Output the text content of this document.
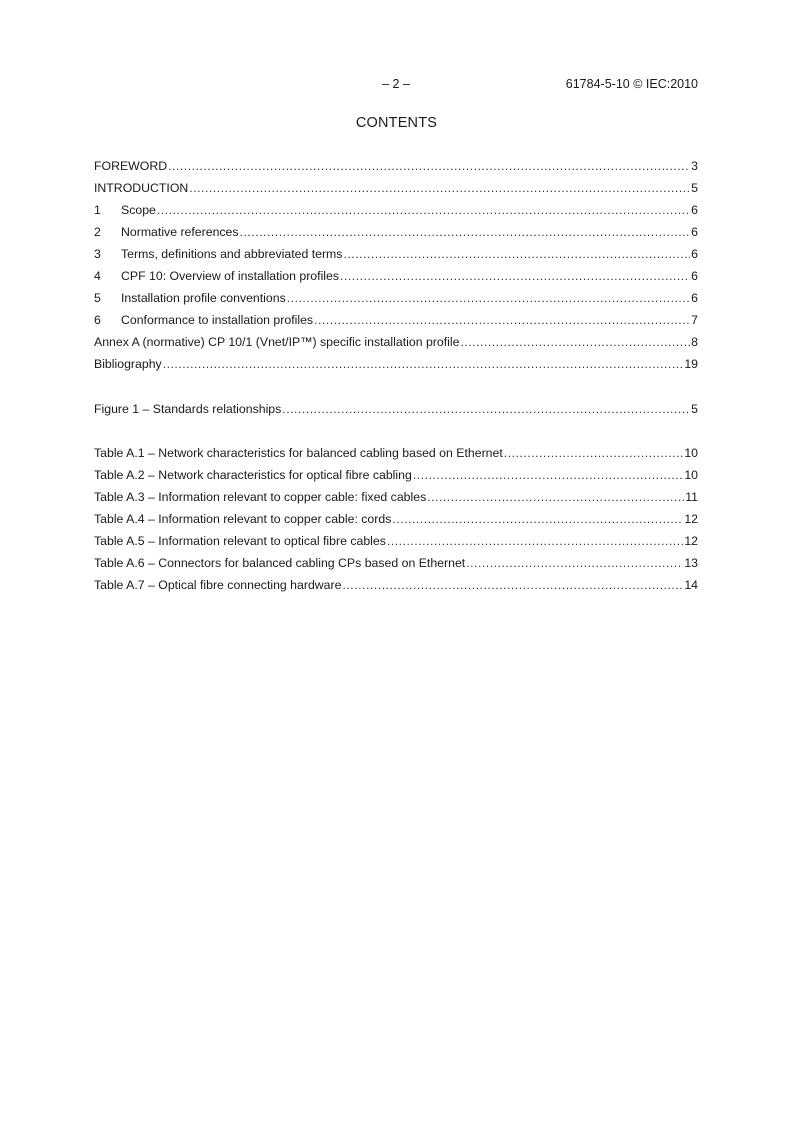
– 2 –	61784-5-10 © IEC:2010
CONTENTS
FOREWORD .....	3
INTRODUCTION .....	5
1	Scope .....	6
2	Normative references .....	6
3	Terms, definitions and abbreviated terms .....	6
4	CPF 10: Overview of installation profiles .....	6
5	Installation profile conventions .....	6
6	Conformance to installation profiles .....	7
Annex A (normative) CP 10/1 (Vnet/IP™) specific installation profile .....	8
Bibliography .....	19
Figure 1 – Standards relationships .....	5
Table A.1 – Network characteristics for balanced cabling based on Ethernet .....	10
Table A.2 – Network characteristics for optical fibre cabling .....	10
Table A.3 – Information relevant to copper cable: fixed cables .....	11
Table A.4 – Information relevant to copper cable: cords .....	12
Table A.5 – Information relevant to optical fibre cables .....	12
Table A.6 – Connectors for balanced cabling CPs based on Ethernet .....	13
Table A.7 – Optical fibre connecting hardware .....	14
